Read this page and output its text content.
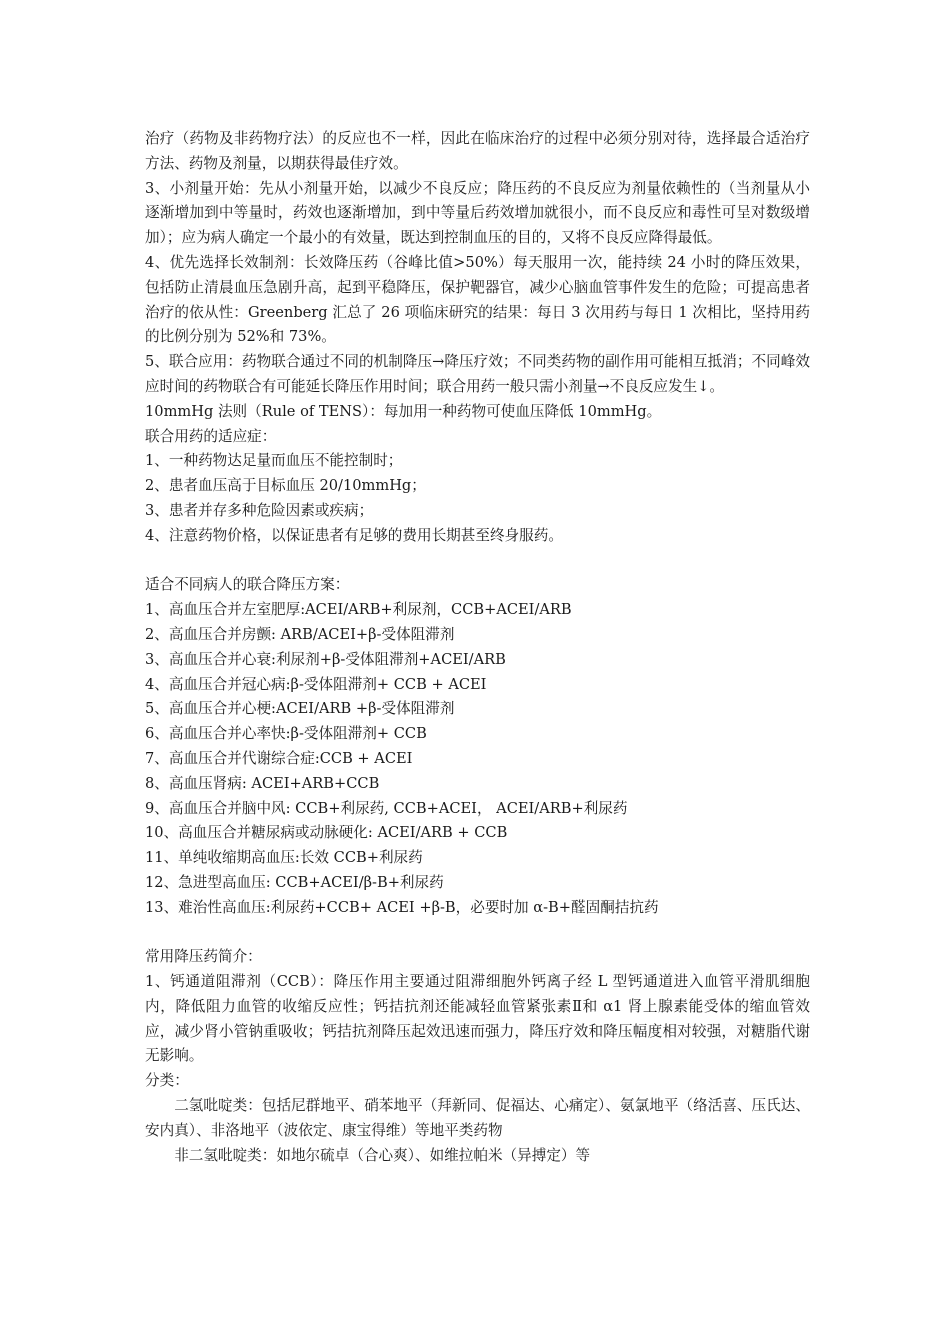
治疗（药物及非药物疗法）的反应也不一样，因此在临床治疗的过程中必须分别对待，选择最合适治疗方法、药物及剂量，以期获得最佳疗效。

3、小剂量开始：先从小剂量开始，以减少不良反应；降压药的不良反应为剂量依赖性的（当剂量从小逐渐增加到中等量时，药效也逐渐增加，到中等量后药效增加就很小，而不良反应和毒性可呈对数级增加）；应为病人确定一个最小的有效量，既达到控制血压的目的，又将不良反应降得最低。

4、优先选择长效制剂：长效降压药（谷峰比值>50%）每天服用一次，能持续 24 小时的降压效果，包括防止清晨血压急剧升高，起到平稳降压，保护靶器官，减少心脑血管事件发生的危险；可提高患者治疗的依从性：Greenberg 汇总了 26 项临床研究的结果：每日 3 次用药与每日 1 次相比，坚持用药的比例分别为 52%和 73%。

5、联合应用：药物联合通过不同的机制降压→降压疗效；不同类药物的副作用可能相互抵消；不同峰效应时间的药物联合有可能延长降压作用时间；联合用药一般只需小剂量→不良反应发生↓。

10mmHg 法则（Rule of TENS）：每加用一种药物可使血压降低 10mmHg。

联合用药的适应症：

1、一种药物达足量而血压不能控制时；

2、患者血压高于目标血压 20/10mmHg；

3、患者并存多种危险因素或疾病；

4、注意药物价格，以保证患者有足够的费用长期甚至终身服药。

适合不同病人的联合降压方案：

1、高血压合并左室肥厚:ACEI/ARB+利尿剂，CCB+ACEI/ARB

2、高血压合并房颤: ARB/ACEI+β-受体阻滞剂

3、高血压合并心衰:利尿剂+β-受体阻滞剂+ACEI/ARB

4、高血压合并冠心病:β-受体阻滞剂+ CCB + ACEI

5、高血压合并心梗:ACEI/ARB +β-受体阻滞剂

6、高血压合并心率快:β-受体阻滞剂+ CCB

7、高血压合并代谢综合症:CCB + ACEI

8、高血压肾病: ACEI+ARB+CCB

9、高血压合并脑中风: CCB+利尿药, CCB+ACEI， ACEI/ARB+利尿药

10、高血压合并糖尿病或动脉硬化: ACEI/ARB + CCB

11、单纯收缩期高血压:长效 CCB+利尿药

12、急进型高血压: CCB+ACEI/β-B+利尿药

13、难治性高血压:利尿药+CCB+ ACEI +β-B，必要时加 α-B+醛固酮拮抗药

常用降压药简介：

1、钙通道阻滞剂（CCB）：降压作用主要通过阻滞细胞外钙离子经 L 型钙通道进入血管平滑肌细胞内，降低阻力血管的收缩反应性；钙拮抗剂还能减轻血管紧张素Ⅱ和 α1 肾上腺素能受体的缩血管效应，减少肾小管钠重吸收；钙拮抗剂降压起效迅速而强力，降压疗效和降压幅度相对较强，对糖脂代谢无影响。

分类：

二氢吡啶类：包括尼群地平、硝苯地平（拜新同、促福达、心痛定）、氨氯地平（络活喜、压氏达、安内真）、非洛地平（波依定、康宝得维）等地平类药物

非二氢吡啶类：如地尔硫卓（合心爽）、如维拉帕米（异搏定）等
